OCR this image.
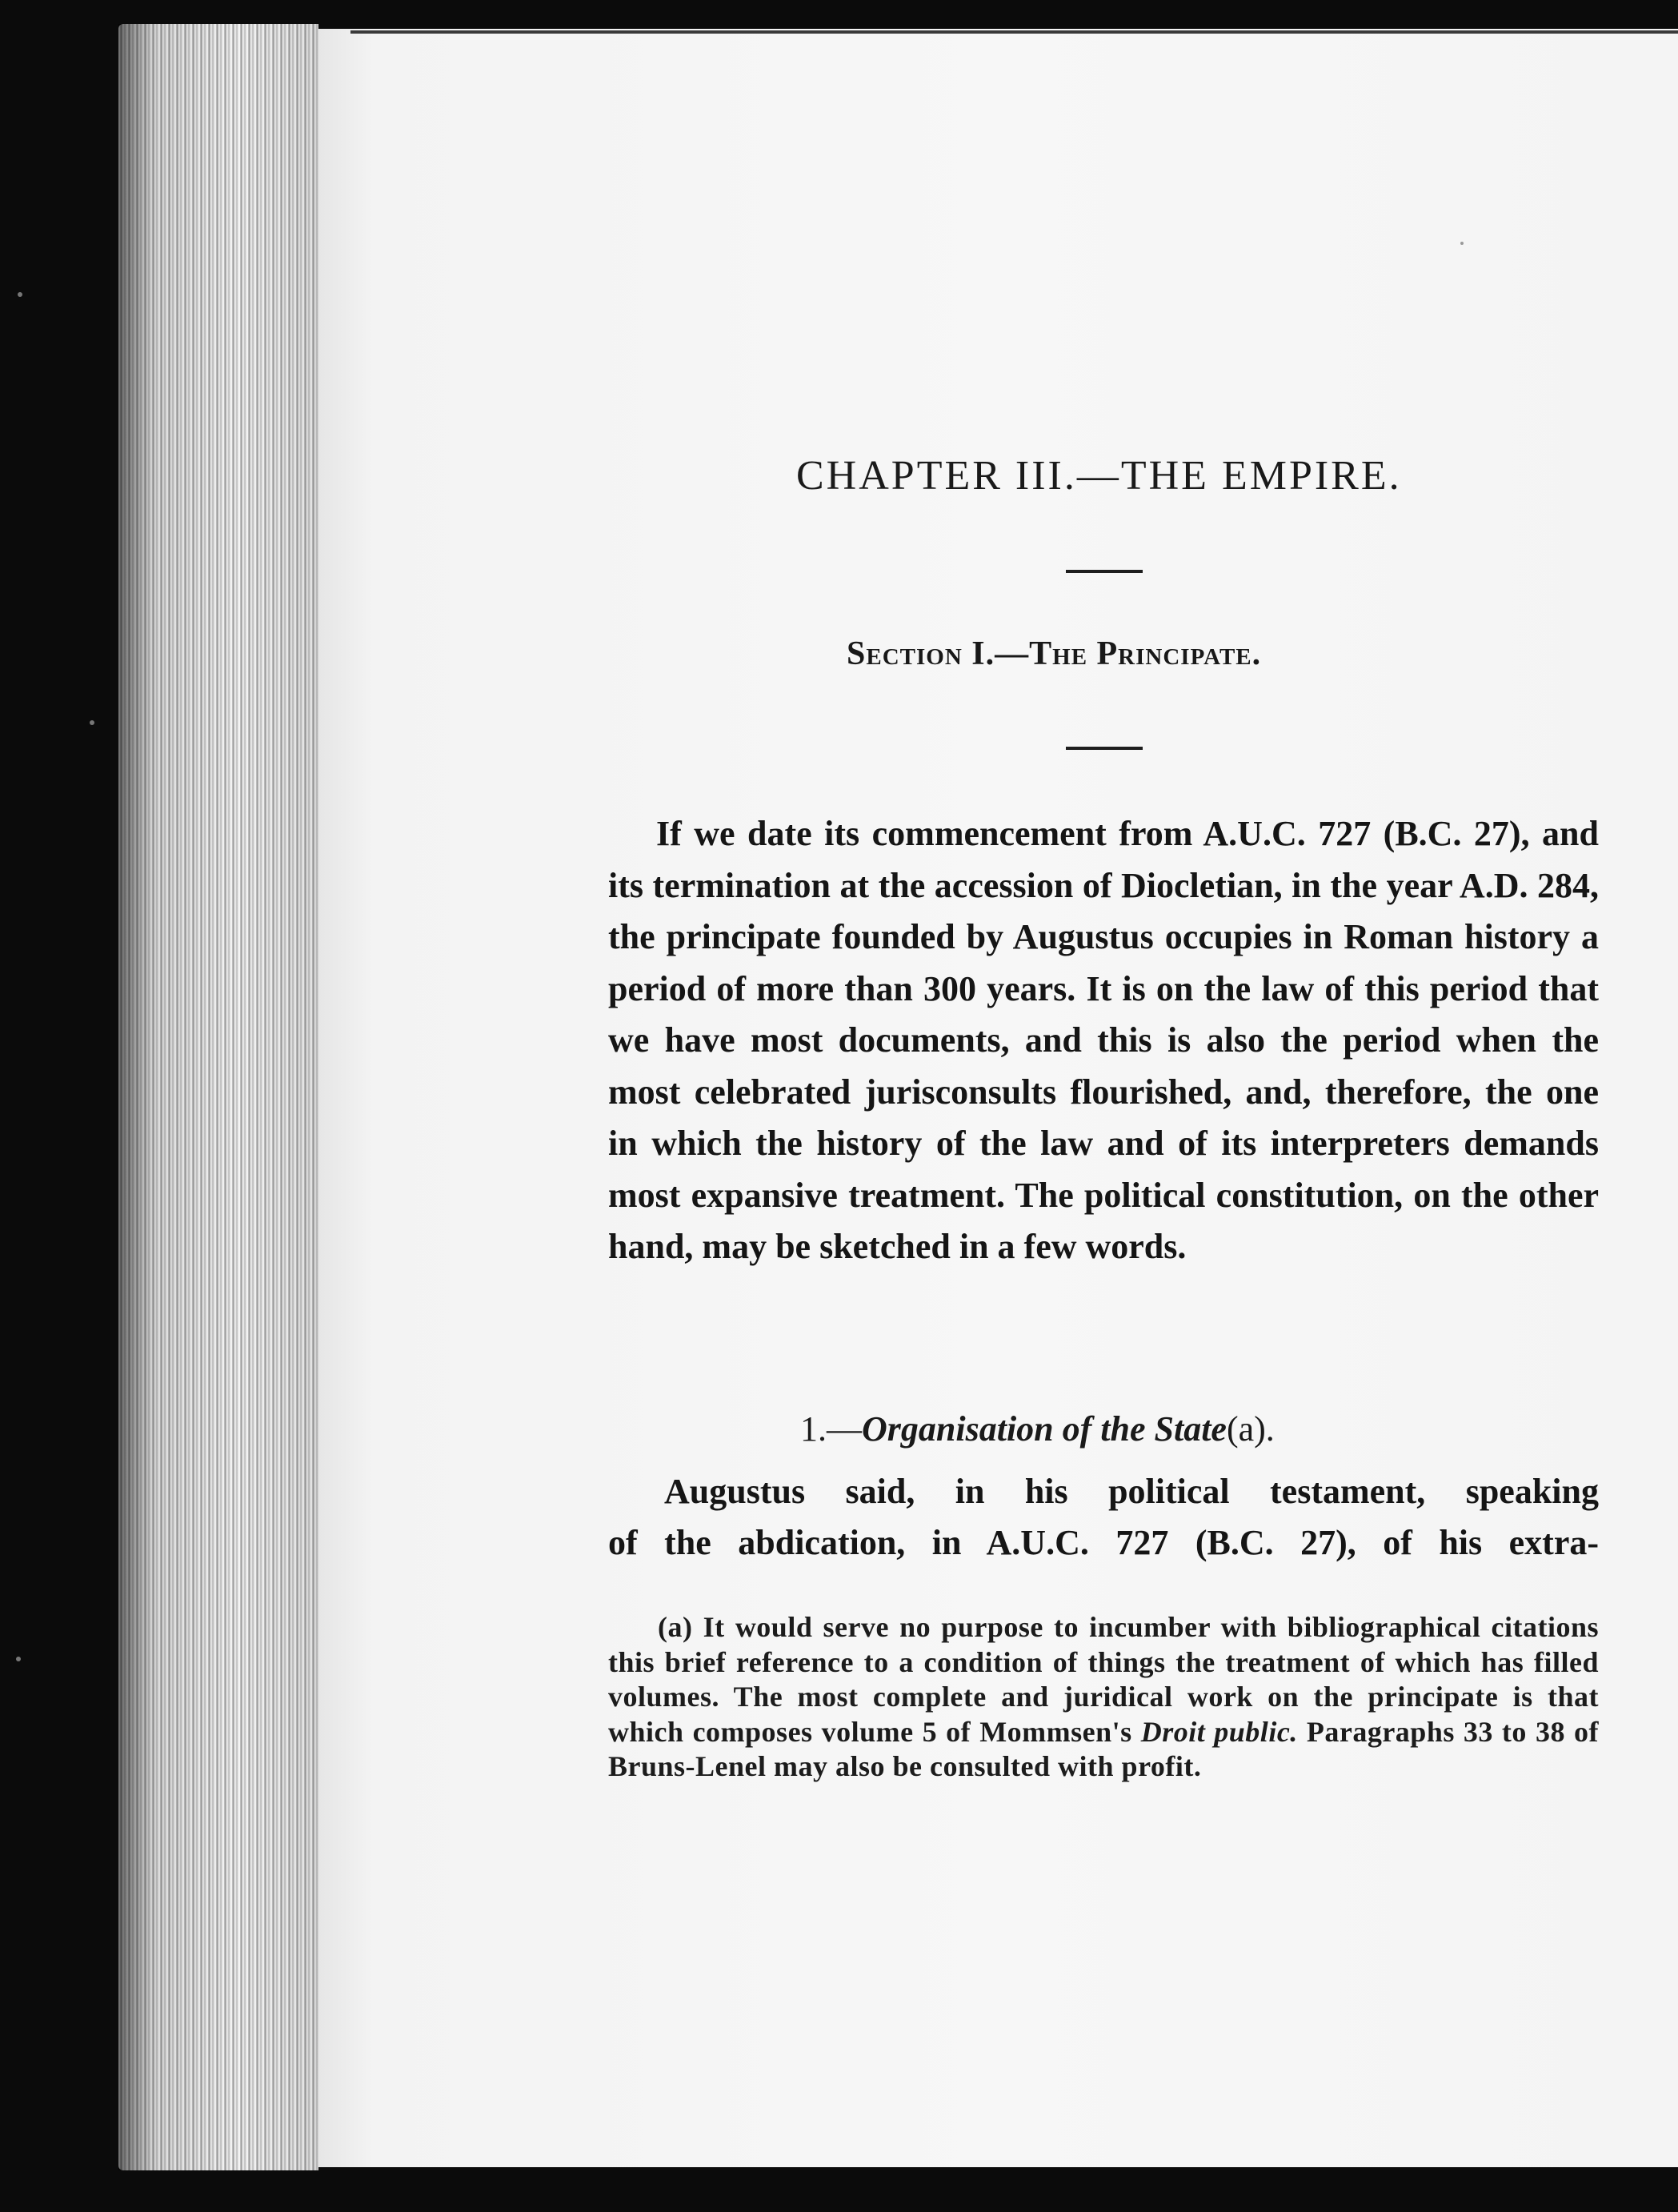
CHAPTER III.—THE EMPIRE.
Section I.—The Principate.

If we date its commencement from A.U.C. 727 (B.C. 27), and its termination at the accession of Diocletian, in the year A.D. 284, the principate founded by Augustus occupies in Roman history a period of more than 300 years. It is on the law of this period that we have most documents, and this is also the period when the most celebrated jurisconsults flourished, and, therefore, the one in which the history of the law and of its interpreters demands most expansive treatment. The political constitution, on the other hand, may be sketched in a few words.

1.—Organisation of the State(a).

Augustus said, in his political testament, speaking
of the abdication, in A.U.C. 727 (B.C. 27), of his extra-

(a) It would serve no purpose to incumber with bibliographical citations this brief reference to a condition of things the treatment of which has filled volumes. The most complete and juridical work on the principate is that which composes volume 5 of Mommsen's Droit public. Paragraphs 33 to 38 of Bruns-Lenel may also be consulted with profit.
